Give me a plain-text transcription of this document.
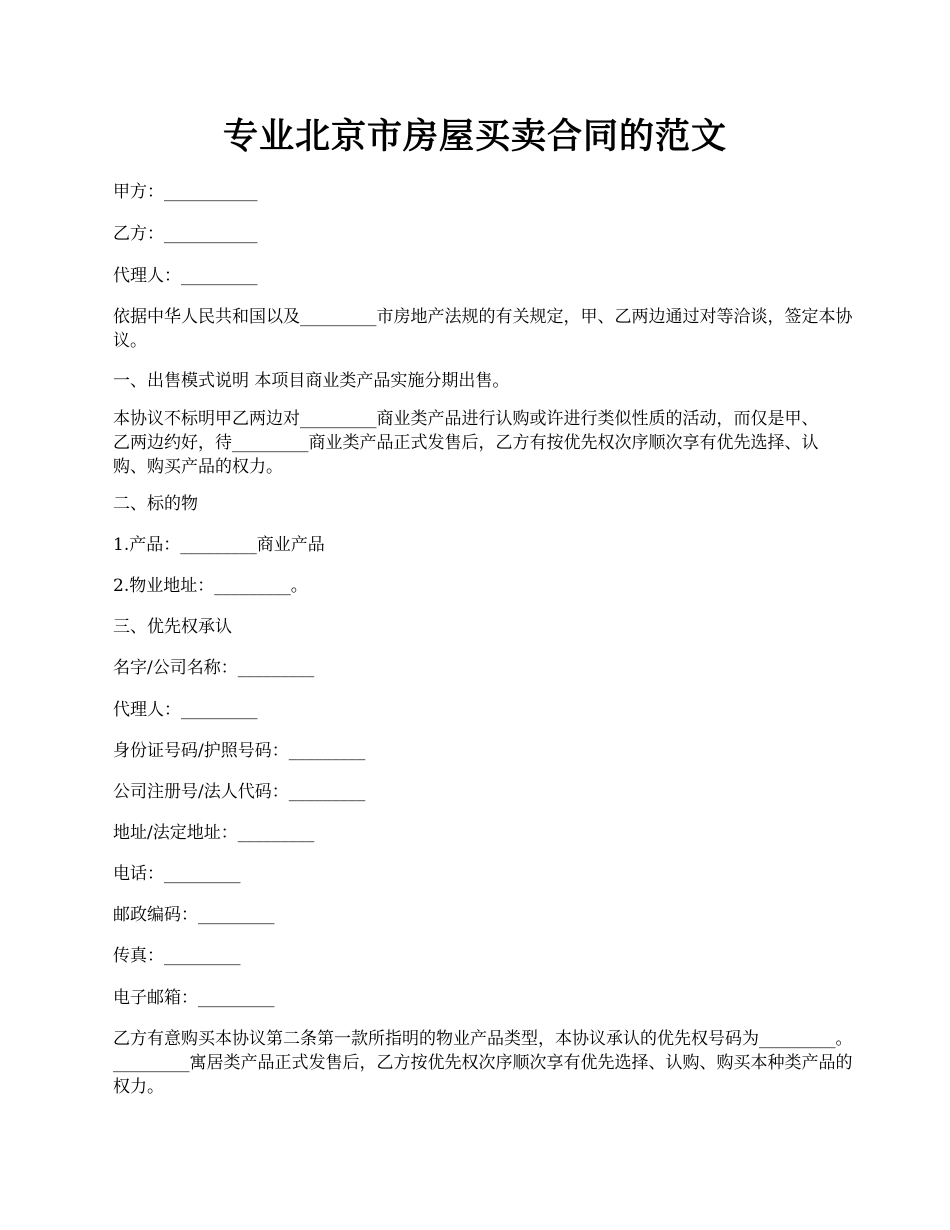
专业北京市房屋买卖合同的范文
甲方：___________
乙方：___________
代理人：_________
依据中华人民共和国以及_________市房地产法规的有关规定，甲、乙两边通过对等洽谈，签定本协议。
一、出售模式说明 本项目商业类产品实施分期出售。
本协议不标明甲乙两边对_________商业类产品进行认购或许进行类似性质的活动，而仅是甲、乙两边约好，待_________商业类产品正式发售后，乙方有按优先权次序顺次享有优先选择、认购、购买产品的权力。
二、标的物
1.产品：_________商业产品
2.物业地址：_________。
三、优先权承认
名字/公司名称：_________
代理人：_________
身份证号码/护照号码：_________
公司注册号/法人代码：_________
地址/法定地址：_________
电话：_________
邮政编码：_________
传真：_________
电子邮箱：_________
乙方有意购买本协议第二条第一款所指明的物业产品类型，本协议承认的优先权号码为_________。_________寓居类产品正式发售后，乙方按优先权次序顺次享有优先选择、认购、购买本种类产品的权力。
